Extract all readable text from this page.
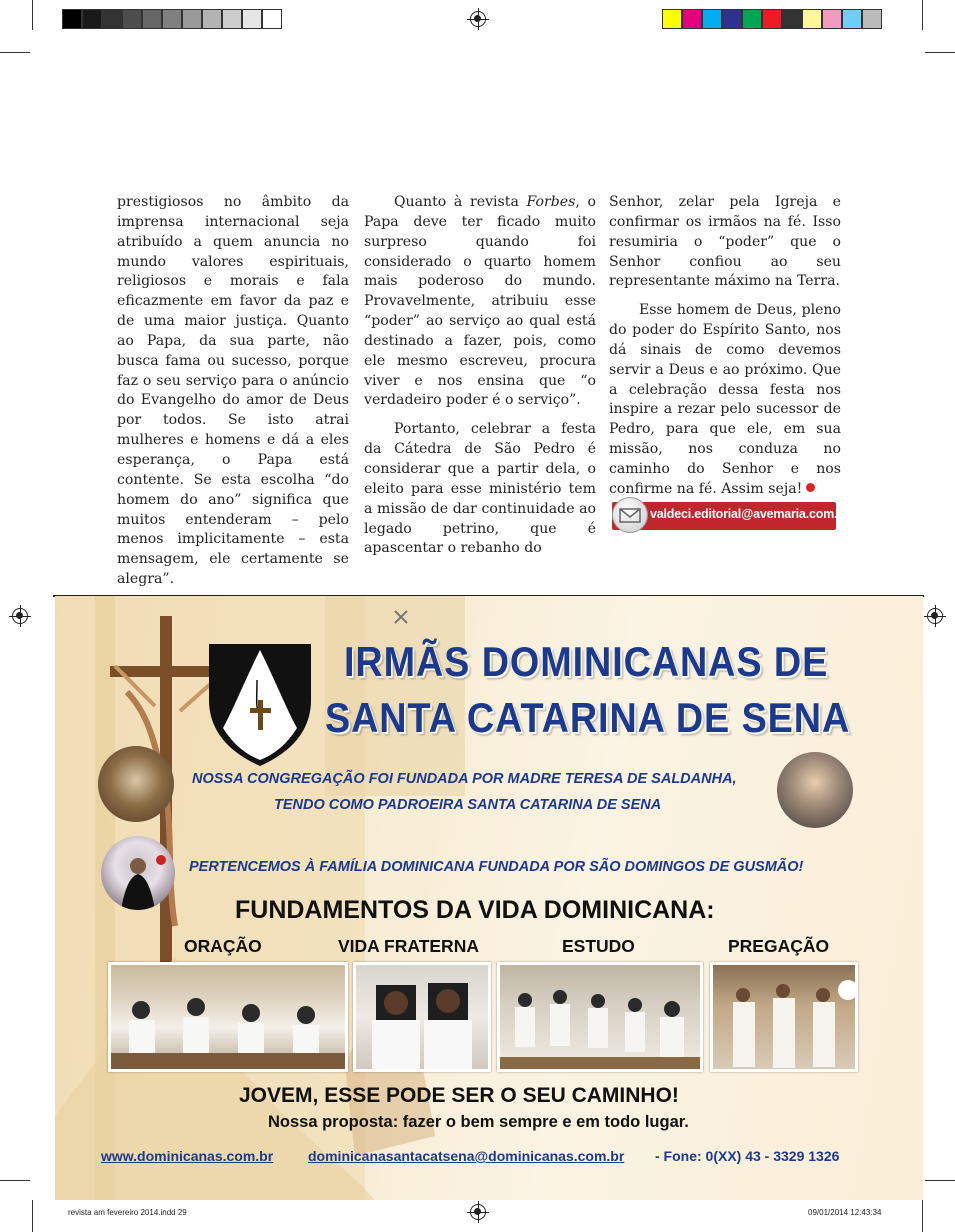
prestigiosos no âmbito da imprensa internacional seja atribuído a quem anuncia no mundo valores espirituais, religiosos e morais e fala eficazmente em favor da paz e de uma maior justiça. Quanto ao Papa, da sua parte, não busca fama ou sucesso, porque faz o seu serviço para o anúncio do Evangelho do amor de Deus por todos. Se isto atrai mulheres e homens e dá a eles esperança, o Papa está contente. Se esta escolha “do homem do ano” significa que muitos entenderam – pelo menos implicitamente – esta mensagem, ele certamente se alegra”.

Quanto à revista Forbes, o Papa deve ter ficado muito surpreso quando foi considerado o quarto homem mais poderoso do mundo. Provavelmente, atribuiu esse “poder” ao serviço ao qual está destinado a fazer, pois, como ele mesmo escreveu, procura viver e nos ensina que “o verdadeiro poder é o serviço”.

Portanto, celebrar a festa da Cátedra de São Pedro é considerar que a partir dela, o eleito para esse ministério tem a missão de dar continuidade ao legado petrino, que é apascentar o rebanho do

Senhor, zelar pela Igreja e confirmar os irmãos na fé. Isso resumiria o “poder” que o Senhor confiou ao seu representante máximo na Terra.

Esse homem de Deus, pleno do poder do Espírito Santo, nos dá sinais de como devemos servir a Deus e ao próximo. Que a celebração dessa festa nos inspire a rezar pelo sucessor de Pedro, para que ele, em sua missão, nos conduza no caminho do Senhor e nos confirme na fé. Assim seja!

valdeci.editorial@avemaria.com.br
IRMÃS DOMINICANAS DE
SANTA CATARINA DE SENA
NOSSA CONGREGAÇÃO FOI FUNDADA POR MADRE TERESA DE SALDANHA,
TENDO COMO PADROEIRA SANTA CATARINA DE SENA
PERTENCEMOS À FAMÍLIA DOMINICANA FUNDADA POR SÃO DOMINGOS DE GUSMÃO!
FUNDAMENTOS DA VIDA DOMINICANA:
ORAÇÃO	VIDA FRATERNA	ESTUDO	PREGAÇÃO
JOVEM, ESSE PODE SER O SEU CAMINHO!
Nossa proposta: fazer o bem sempre e em todo lugar.
www.dominicanas.com.br dominicanasantacatsena@dominicanas.com.br - Fone: 0(XX) 43 - 3329 1326
revista am fevereiro 2014.indd 29	09/01/2014 12:43:34
